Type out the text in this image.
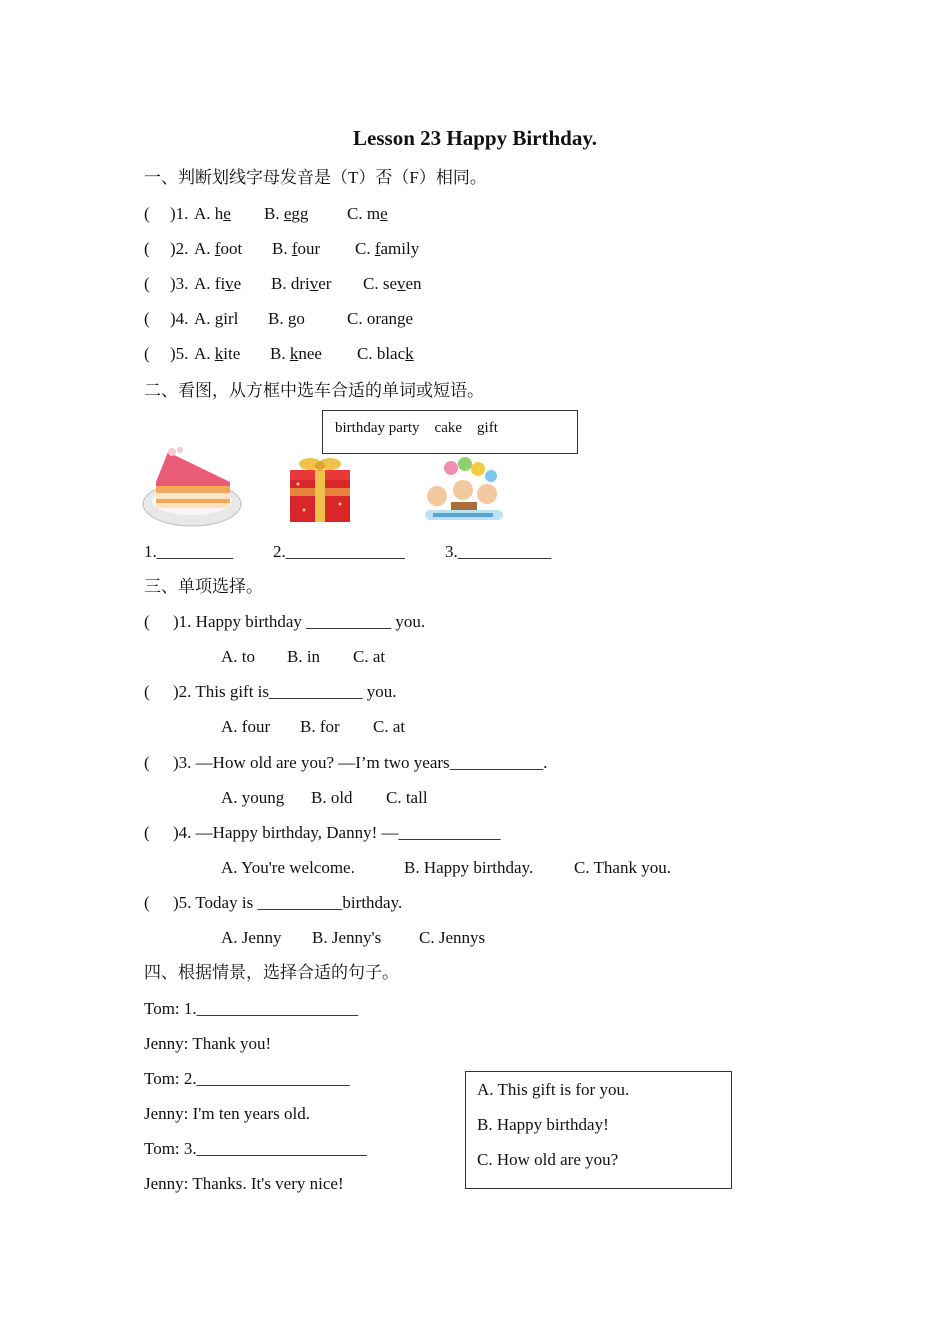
Lesson 23 Happy Birthday.
一、判断划线字母发音是（T）否（F）相同。
( )1. A. he B. egg C. me
( )2. A. foot B. four C. family
( )3. A. five B. driver C. seven
( )4. A. girl B. go C. orange
( )5. A. kite B. knee C. black
二、看图，从方框中选车合适的单词或短语。
birthday party    cake    gift
1._________ 2.______________ 3.___________
三、单项选择。
( )1. Happy birthday __________ you.
A. to B. in C. at
( )2. This gift is___________ you.
A. four B. for C. at
( )3. —How old are you? —I’m two years___________.
A. young B. old C. tall
( )4. —Happy birthday, Danny! —____________
A. You're welcome.	B. Happy birthday. C. Thank you.
( )5. Today is __________birthday.
A. Jenny B. Jenny's C. Jennys
四、根据情景，选择合适的句子。
Tom: 1.___________________
Jenny: Thank you!
Tom: 2.__________________
Jenny: I'm ten years old.
Tom: 3.____________________
Jenny: Thanks. It's very nice!
A. This gift is for you.
B. Happy birthday!
C. How old are you?
